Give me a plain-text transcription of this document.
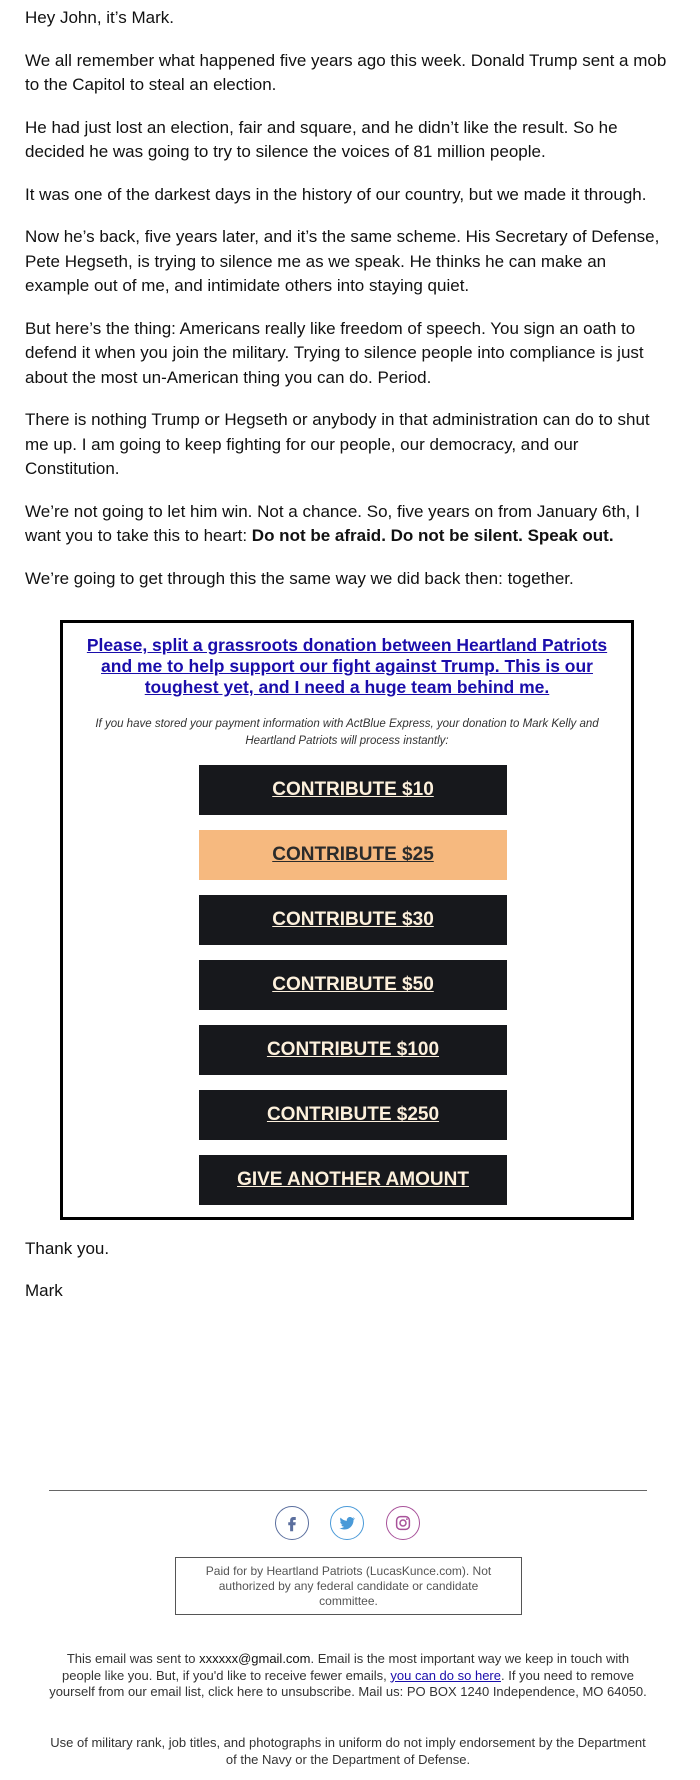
Hey John, it’s Mark.

We all remember what happened five years ago this week. Donald Trump sent a mob to the Capitol to steal an election.

He had just lost an election, fair and square, and he didn’t like the result. So he decided he was going to try to silence the voices of 81 million people.

It was one of the darkest days in the history of our country, but we made it through.

Now he’s back, five years later, and it’s the same scheme. His Secretary of Defense, Pete Hegseth, is trying to silence me as we speak. He thinks he can make an example out of me, and intimidate others into staying quiet.

But here’s the thing: Americans really like freedom of speech. You sign an oath to defend it when you join the military. Trying to silence people into compliance is just about the most un-American thing you can do. Period.

There is nothing Trump or Hegseth or anybody in that administration can do to shut me up. I am going to keep fighting for our people, our democracy, and our Constitution.

We’re not going to let him win. Not a chance. So, five years on from January 6th, I want you to take this to heart: Do not be afraid. Do not be silent. Speak out.

We’re going to get through this the same way we did back then: together.

Please, split a grassroots donation between Heartland Patriots and me to help support our fight against Trump. This is our toughest yet, and I need a huge team behind me.
If you have stored your payment information with ActBlue Express, your donation to Mark Kelly and Heartland Patriots will process instantly:
CONTRIBUTE $10
CONTRIBUTE $25
CONTRIBUTE $30
CONTRIBUTE $50
CONTRIBUTE $100
CONTRIBUTE $250
GIVE ANOTHER AMOUNT

Thank you.

Mark

Paid for by Heartland Patriots (LucasKunce.com). Not authorized by any federal candidate or candidate committee.
This email was sent to xxxxxx@gmail.com. Email is the most important way we keep in touch with people like you. But, if you'd like to receive fewer emails, you can do so here. If you need to remove yourself from our email list, click here to unsubscribe. Mail us: PO BOX 1240 Independence, MO 64050.
Use of military rank, job titles, and photographs in uniform do not imply endorsement by the Department of the Navy or the Department of Defense.
